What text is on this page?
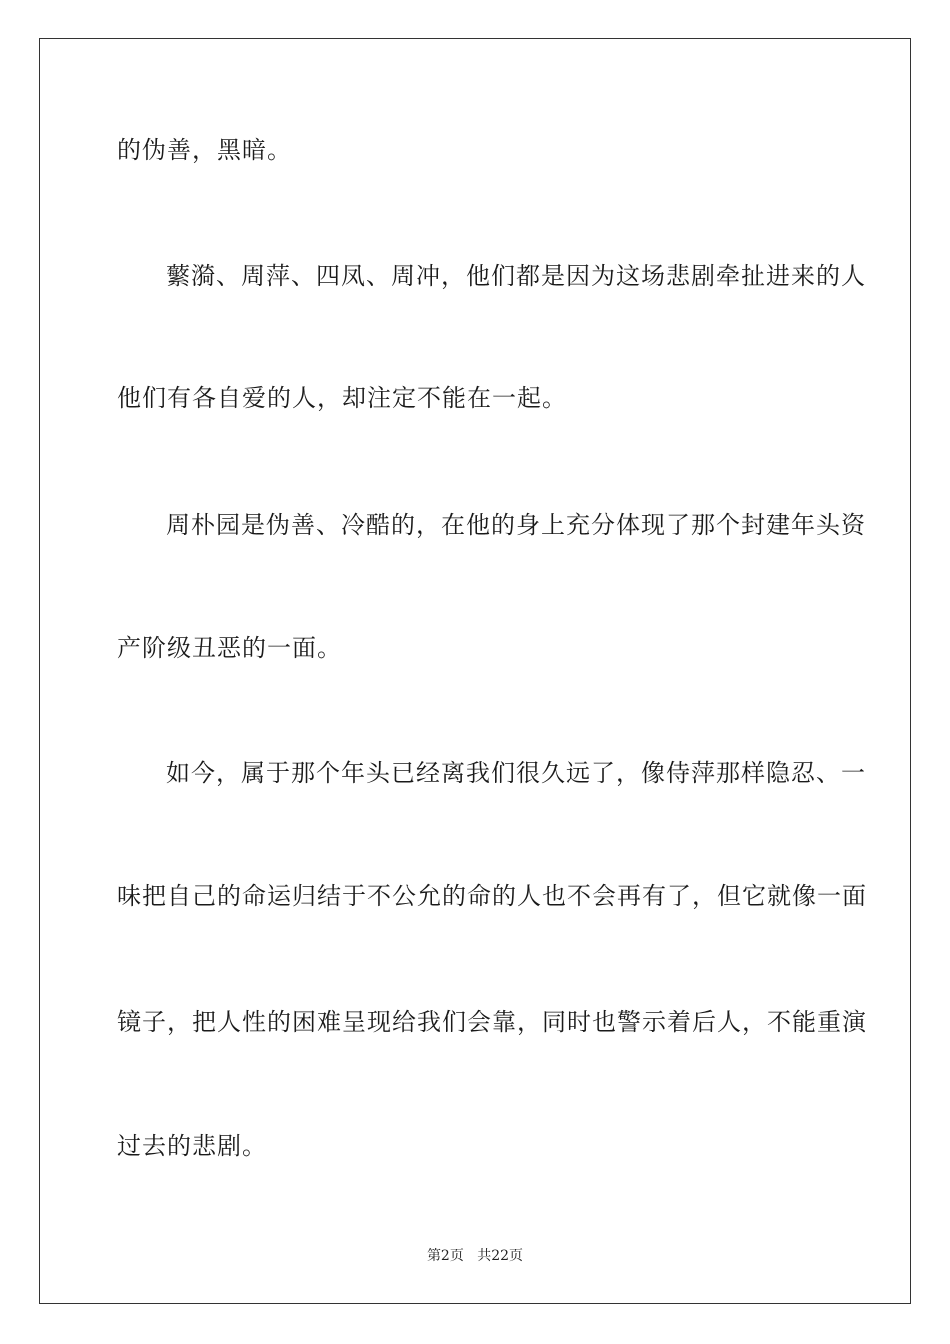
的伪善，黑暗。
蘩漪、周萍、四凤、周冲，他们都是因为这场悲剧牵扯进来的人
他们有各自爱的人，却注定不能在一起。
周朴园是伪善、冷酷的，在他的身上充分体现了那个封建年头资
产阶级丑恶的一面。
如今，属于那个年头已经离我们很久远了，像侍萍那样隐忍、一
味把自己的命运归结于不公允的命的人也不会再有了，但它就像一面
镜子，把人性的困难呈现给我们会靠，同时也警示着后人，不能重演
过去的悲剧。
第2页 共22页
